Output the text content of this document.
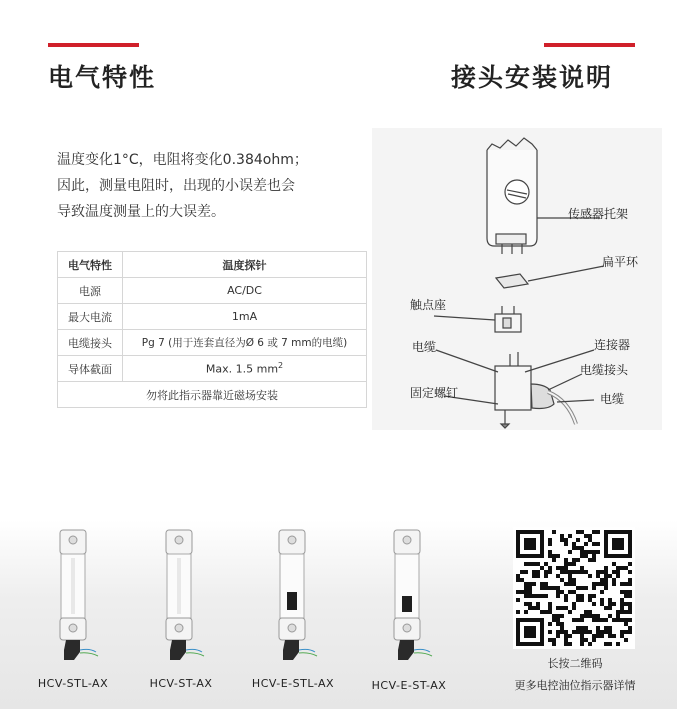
电气特性	接头安装说明
温度变化1°C，电阻将变化0.384ohm；
因此，测量电阻时，出现的小误差也会
导致温度测量上的大误差。
电气特性	温度探针
电源	AC/DC
最大电流	1mA
电缆接头	Pg 7 (用于连套直径为Ø 6 或 7 mm的电缆)
导体截面	Max. 1.5 $mm^2$
勿将此指示器靠近磁场安装	
传感器托架
扁平环
触点座
电缆	连接器
电缆接头
固定螺钉	电缆
HCV-STL-AX	HCV-ST-AX	HCV-E-STL-AX	HCV-E-ST-AX
长按二维码
更多电控油位指示器详情
